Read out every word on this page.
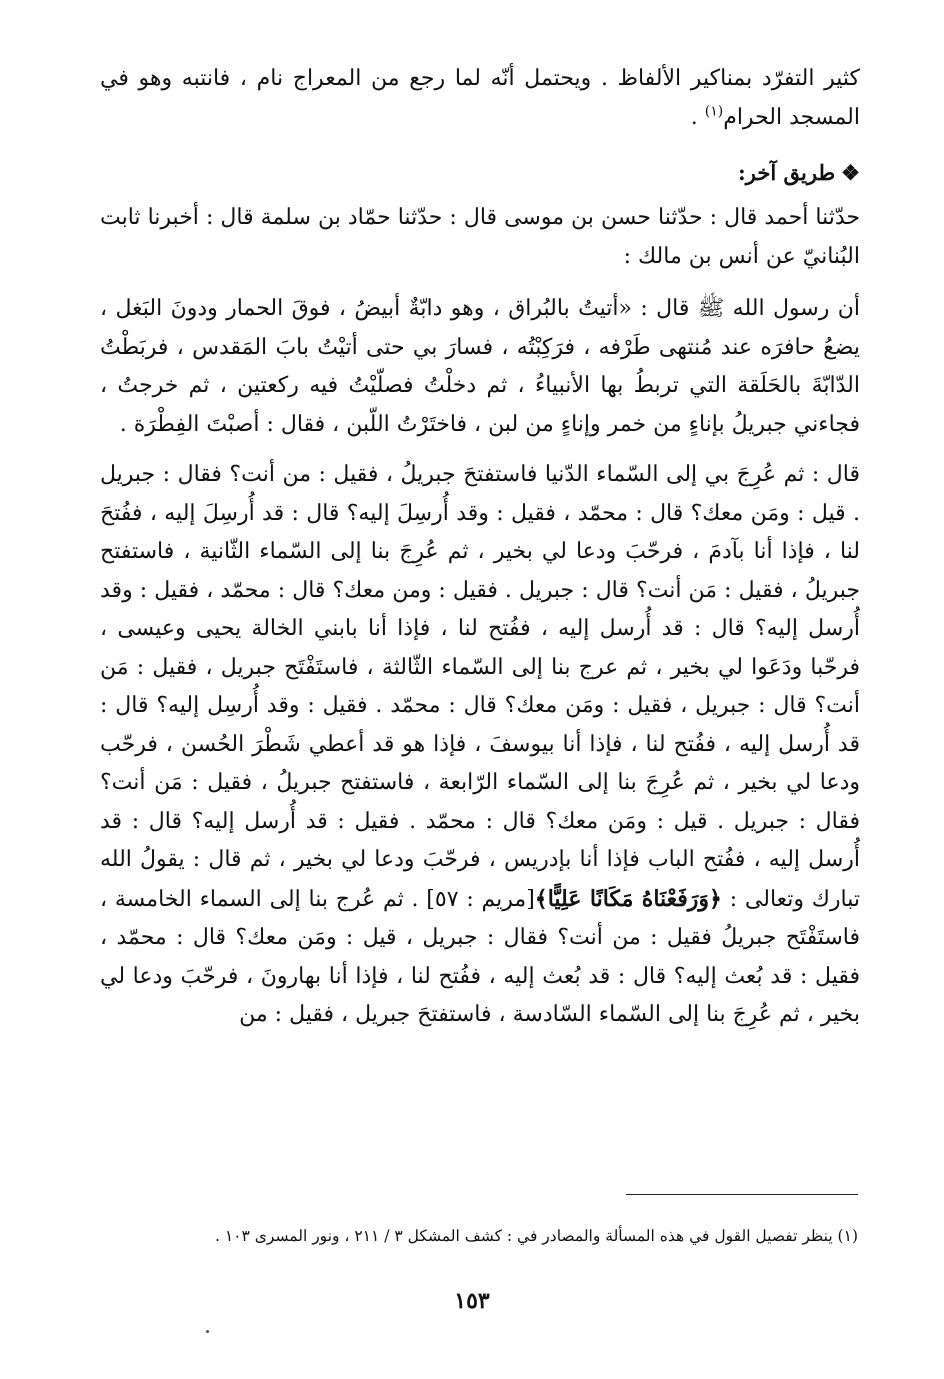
كثير التفرّد بمناكير الألفاظ . ويحتمل أنّه لما رجع من المعراج نام ، فانتبه وهو في المسجد الحرام$^{(١)}$ .

❖طريق آخر:

حدّثنا أحمد قال : حدّثنا حسن بن موسى قال : حدّثنا حمّاد بن سلمة قال : أخبرنا ثابت البُنانيّ عن أنس بن مالك :

أن رسول الله ﷺ قال : «أتيتُ بالبُراق ، وهو دابّةٌ أبيضُ ، فوقَ الحمار ودونَ البَغل ، يضعُ حافرَه عند مُنتهى طَرْفه ، فرَكِبْتُه ، فسارَ بي حتى أتيْتُ بابَ المَقدس ، فربَطْتُ الدّابّةَ بالحَلَقة التي تربطُ بها الأنبياءُ ، ثم دخلْتُ فصلّيْتُ فيه ركعتين ، ثم خرجتُ ، فجاءني جبريلُ بإناءٍ من خمر وإناءٍ من لبن ، فاختَرْتُ اللّبن ، فقال : أصبْتَ الفِطْرَة .

قال : ثم عُرِجَ بي إلى السّماء الدّنيا فاستفتحَ جبريلُ ، فقيل : من أنت؟ فقال : جبريل . قيل : ومَن معك؟ قال : محمّد ، فقيل : وقد أُرسِلَ إليه؟ قال : قد أُرسِلَ إليه ، ففُتحَ لنا ، فإذا أنا بآدمَ ، فرحّبَ ودعا لي بخير ، ثم عُرِجَ بنا إلى السّماء الثّانية ، فاستفتح جبريلُ ، فقيل : مَن أنت؟ قال : جبريل . فقيل : ومن معك؟ قال : محمّد ، فقيل : وقد أُرسل إليه؟ قال : قد أُرسل إليه ، ففُتح لنا ، فإذا أنا بابني الخالة يحيى وعيسى ، فرحّبا ودَعَوا لي بخير ، ثم عرج بنا إلى السّماء الثّالثة ، فاستَفْتَح جبريل ، فقيل : مَن أنت؟ قال : جبريل ، فقيل : ومَن معك؟ قال : محمّد . فقيل : وقد أُرسِل إليه؟ قال : قد أُرسل إليه ، ففُتح لنا ، فإذا أنا بيوسفَ ، فإذا هو قد أعطي شَطْرَ الحُسن ، فرحّب ودعا لي بخير ، ثم عُرِجَ بنا إلى السّماء الرّابعة ، فاستفتح جبريلُ ، فقيل : مَن أنت؟ فقال : جبريل . قيل : ومَن معك؟ قال : محمّد . فقيل : قد أُرسل إليه؟ قال : قد أُرسل إليه ، ففُتح الباب فإذا أنا بإدريس ، فرحّبَ ودعا لي بخير ، ثم قال : يقولُ الله تبارك وتعالى : ﴿وَرَفَعْنَاهُ مَكَانًا عَلِيًّا﴾[مريم : ٥٧] . ثم عُرج بنا إلى السماء الخامسة ، فاستَفْتَح جبريلُ فقيل : من أنت؟ فقال : جبريل ، قيل : ومَن معك؟ قال : محمّد ، فقيل : قد بُعث إليه؟ قال : قد بُعث إليه ، ففُتح لنا ، فإذا أنا بهارونَ ، فرحّبَ ودعا لي بخير ، ثم عُرِجَ بنا إلى السّماء السّادسة ، فاستفتحَ جبريل ، فقيل : من

(١) ينظر تفصيل القول في هذه المسألة والمصادر في : كشف المشكل ٣ / ٢١١ ، ونور المسرى ١٠٣ .

١٥٣
